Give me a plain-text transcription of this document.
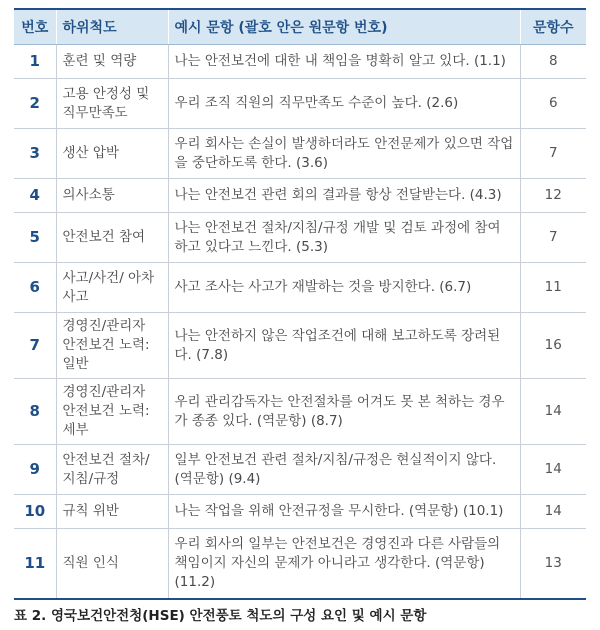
번호	하위척도	예시 문항 (괄호 안은 원문항 번호)	문항수
1	훈련 및 역량	나는 안전보건에 대한 내 책임을 명확히 알고 있다. (1.1)	8
2	고용 안정성 및 직무만족도	우리 조직 직원의 직무만족도 수준이 높다. (2.6)	6
3	생산 압박	우리 회사는 손실이 발생하더라도 안전문제가 있으면 작업을 중단하도록 한다. (3.6)	7
4	의사소통	나는 안전보건 관련 회의 결과를 항상 전달받는다. (4.3)	12
5	안전보건 참여	나는 안전보건 절차/지침/규정 개발 및 검토 과정에 참여하고 있다고 느낀다. (5.3)	7
6	사고/사건/ 아차사고	사고 조사는 사고가 재발하는 것을 방지한다. (6.7)	11
7	경영진/관리자 안전보건 노력: 일반	나는 안전하지 않은 작업조건에 대해 보고하도록 장려된다. (7.8)	16
8	경영진/관리자 안전보건 노력: 세부	우리 관리감독자는 안전절차를 어겨도 못 본 척하는 경우가 종종 있다. (역문항) (8.7)	14
9	안전보건 절차/ 지침/규정	일부 안전보건 관련 절차/지침/규정은 현실적이지 않다. (역문항) (9.4)	14
10	규칙 위반	나는 작업을 위해 안전규정을 무시한다. (역문항) (10.1)	14
11	직원 인식	우리 회사의 일부는 안전보건은 경영진과 다른 사람들의 책임이지 자신의 문제가 아니라고 생각한다. (역문항) (11.2)	13
표 2. 영국보건안전청(HSE) 안전풍토 척도의 구성 요인 및 예시 문항
